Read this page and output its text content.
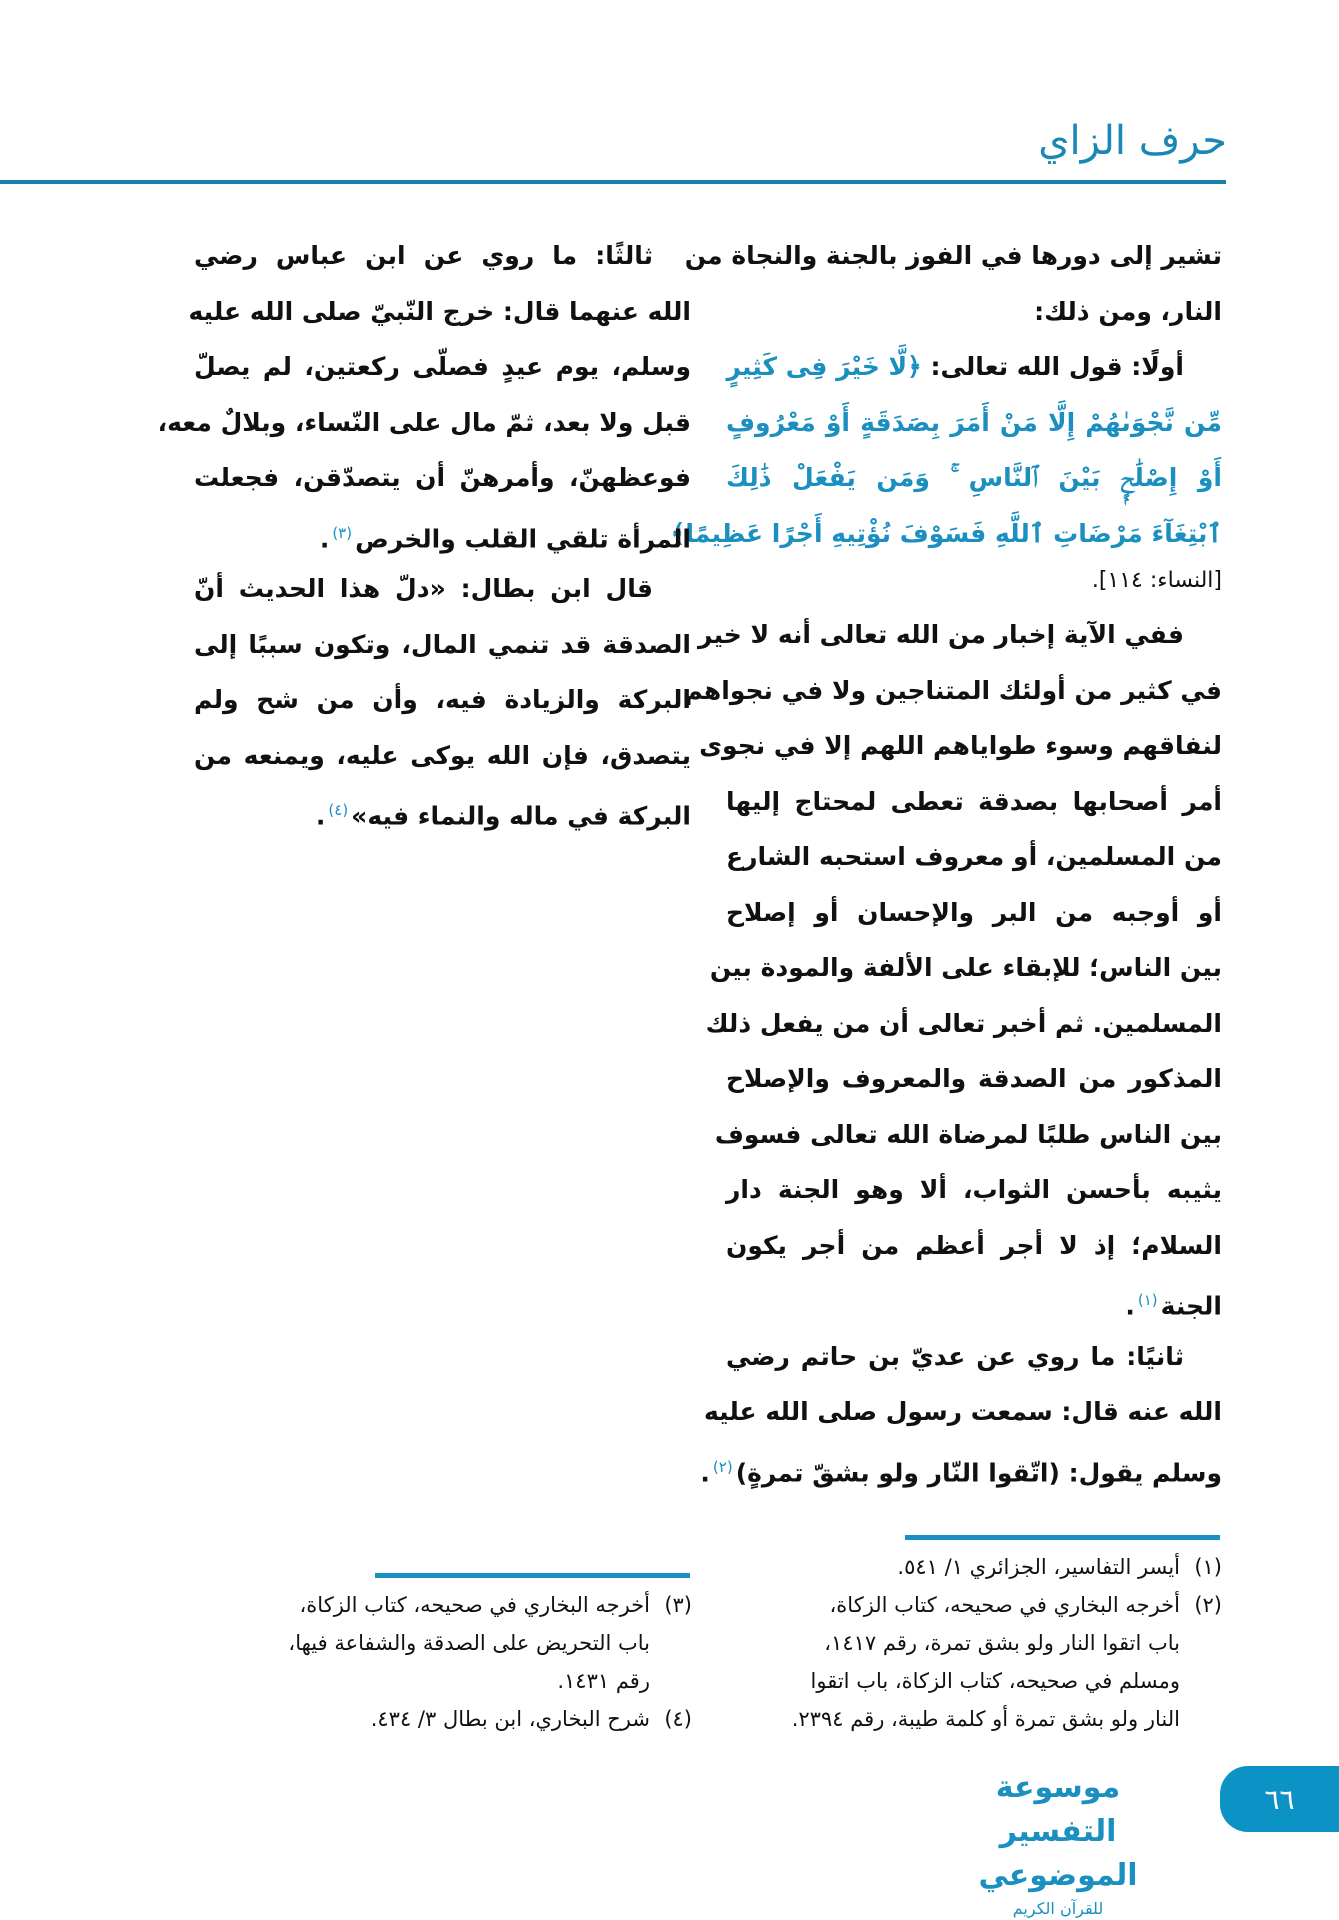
حرف الزاي
تشير إلى دورها في الفوز بالجنة والنجاة من
النار، ومن ذلك:
أولًا: قول الله تعالى: ﴿لَّا خَيْرَ فِى كَثِيرٍ
مِّن نَّجْوَىٰهُمْ إِلَّا مَنْ أَمَرَ بِصَدَقَةٍ أَوْ مَعْرُوفٍ
أَوْ إِصْلَٰحٍۭ بَيْنَ ٱلنَّاسِ ۚ وَمَن يَفْعَلْ ذَٰلِكَ
ٱبْتِغَآءَ مَرْضَاتِ ٱللَّهِ فَسَوْفَ نُؤْتِيهِ أَجْرًا عَظِيمًا﴾
[النساء: ١١٤].
ففي الآية إخبار من الله تعالى أنه لا خير
في كثير من أولئك المتناجين ولا في نجواهم
لنفاقهم وسوء طواياهم اللهم إلا في نجوى
أمر أصحابها بصدقة تعطى لمحتاج إليها
من المسلمين، أو معروف استحبه الشارع
أو أوجبه من البر والإحسان أو إصلاح
بين الناس؛ للإبقاء على الألفة والمودة بين
المسلمين. ثم أخبر تعالى أن من يفعل ذلك
المذكور من الصدقة والمعروف والإصلاح
بين الناس طلبًا لمرضاة الله تعالى فسوف
يثيبه بأحسن الثواب، ألا وهو الجنة دار
السلام؛ إذ لا أجر أعظم من أجر يكون
الجنة$^{(١)}$.
ثانيًا: ما روي عن عديّ بن حاتم رضي
الله عنه قال: سمعت رسول صلى الله عليه
وسلم يقول: (اتّقوا النّار ولو بشقّ تمرةٍ)$^{(٢)}$.
ثالثًا: ما روي عن ابن عباس رضي
الله عنهما قال: خرج النّبيّ صلى الله عليه
وسلم، يوم عيدٍ فصلّى ركعتين، لم يصلّ
قبل ولا بعد، ثمّ مال على النّساء، وبلالٌ معه،
فوعظهنّ، وأمرهنّ أن يتصدّقن، فجعلت
المرأة تلقي القلب والخرص$^{(٣)}$.
قال ابن بطال: «دلّ هذا الحديث أنّ
الصدقة قد تنمي المال، وتكون سببًا إلى
البركة والزيادة فيه، وأن من شح ولم
يتصدق، فإن الله يوكى عليه، ويمنعه من
البركة في ماله والنماء فيه»$^{(٤)}$.
(١)أيسر التفاسير، الجزائري ١/ ٥٤١.
(٢)أخرجه البخاري في صحيحه، كتاب الزكاة،
باب اتقوا النار ولو بشق تمرة، رقم ١٤١٧،
ومسلم في صحيحه، كتاب الزكاة، باب اتقوا
النار ولو بشق تمرة أو كلمة طيبة، رقم ٢٣٩٤.
(٣)أخرجه البخاري في صحيحه، كتاب الزكاة،
باب التحريض على الصدقة والشفاعة فيها،
رقم ١٤٣١.
(٤)شرح البخاري، ابن بطال ٣/ ٤٣٤.
موسوعة التفسير الموضوعي
للقرآن الكريم
٦٦
